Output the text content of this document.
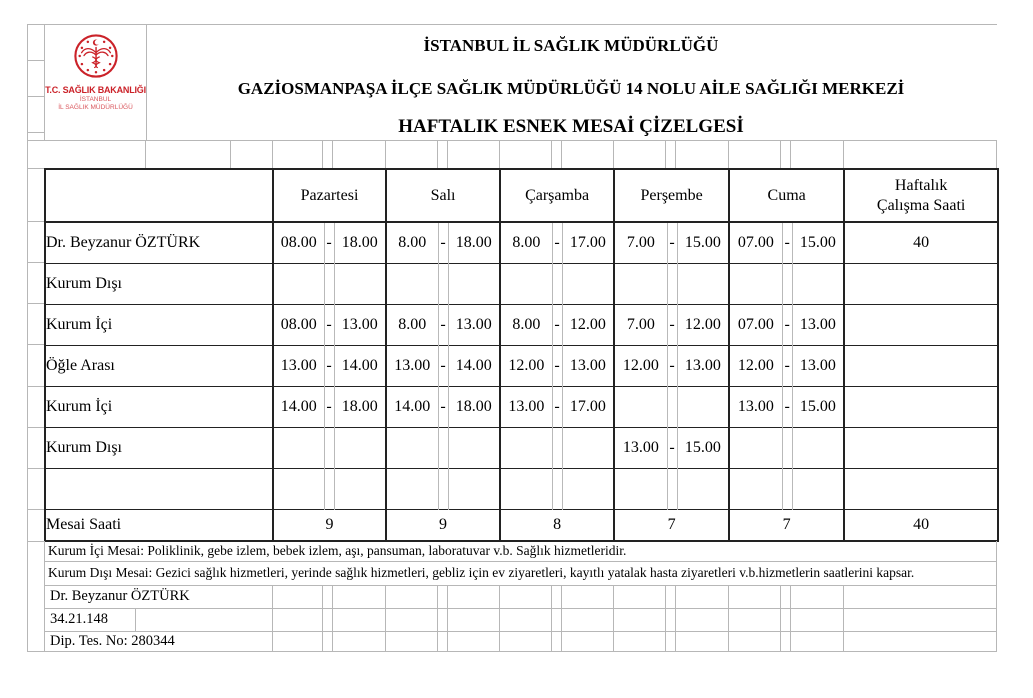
T.C. SAĞLIK BAKANLIĞI
İSTANBUL
İL SAĞLIK MÜDÜRLÜĞÜ
İSTANBUL İL SAĞLIK MÜDÜRLÜĞÜ
GAZİOSMANPAŞA İLÇE SAĞLIK MÜDÜRLÜĞÜ 14 NOLU AİLE SAĞLIĞI MERKEZİ
HAFTALIK ESNEK MESAİ ÇİZELGESİ
	Pazartesi			Salı			Çarşamba			Perşembe			Cuma			Haftalık
Çalışma Saati

Dr. Beyzanur ÖZTÜRK	08.00	-	18.00	8.00	-	18.00	8.00	-	17.00	7.00	-	15.00	07.00	-	15.00	40
Kurum Dışı																
Kurum İçi	08.00	-	13.00	8.00	-	13.00	8.00	-	12.00	7.00	-	12.00	07.00	-	13.00	
Öğle Arası	13.00	-	14.00	13.00	-	14.00	12.00	-	13.00	12.00	-	13.00	12.00	-	13.00	
Kurum İçi	14.00	-	18.00	14.00	-	18.00	13.00	-	17.00				13.00	-	15.00	
Kurum Dışı										13.00	-	15.00				

Mesai Saati	9			9			8			7			7			40
Kurum İçi Mesai: Poliklinik, gebe izlem, bebek izlem, aşı, pansuman, laboratuvar v.b. Sağlık hizmetleridir.
Kurum Dışı Mesai: Gezici sağlık hizmetleri, yerinde sağlık hizmetleri, gebliz için ev ziyaretleri, kayıtlı yatalak hasta ziyaretleri v.b.hizmetlerin saatlerini kapsar.
Dr. Beyzanur ÖZTÜRK
34.21.148
Dip. Tes. No: 280344
